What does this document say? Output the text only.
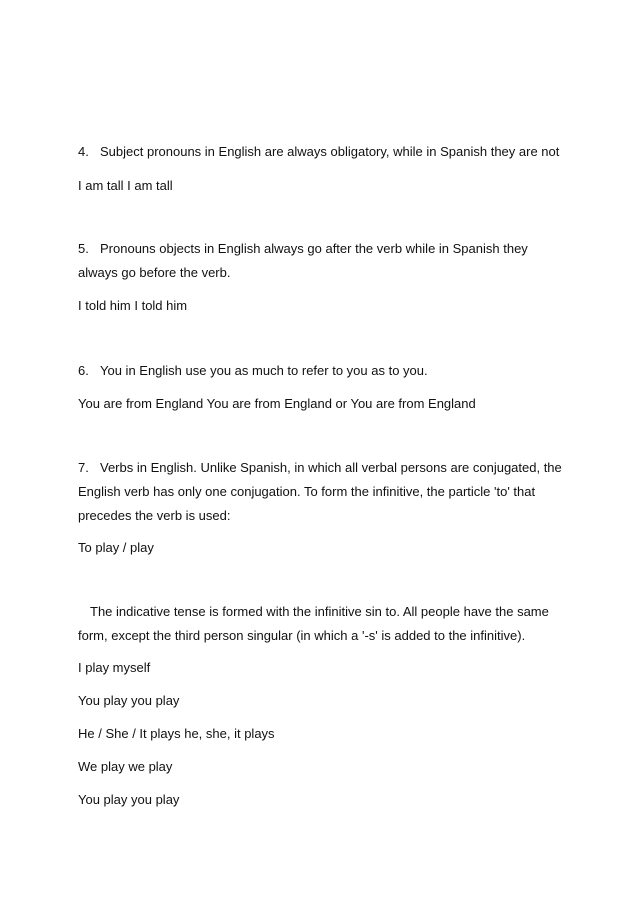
4. Subject pronouns in English are always obligatory, while in Spanish they are not
I am tall I am tall
5. Pronouns objects in English always go after the verb while in Spanish they
always go before the verb.
I told him I told him
6. You in English use you as much to refer to you as to you.
You are from England You are from England or You are from England
7. Verbs in English. Unlike Spanish, in which all verbal persons are conjugated, the
English verb has only one conjugation. To form the infinitive, the particle 'to' that
precedes the verb is used:
To play / play
The indicative tense is formed with the infinitive sin to. All people have the same
form, except the third person singular (in which a '-s' is added to the infinitive).
I play myself
You play you play
He / She / It plays he, she, it plays
We play we play
You play you play
